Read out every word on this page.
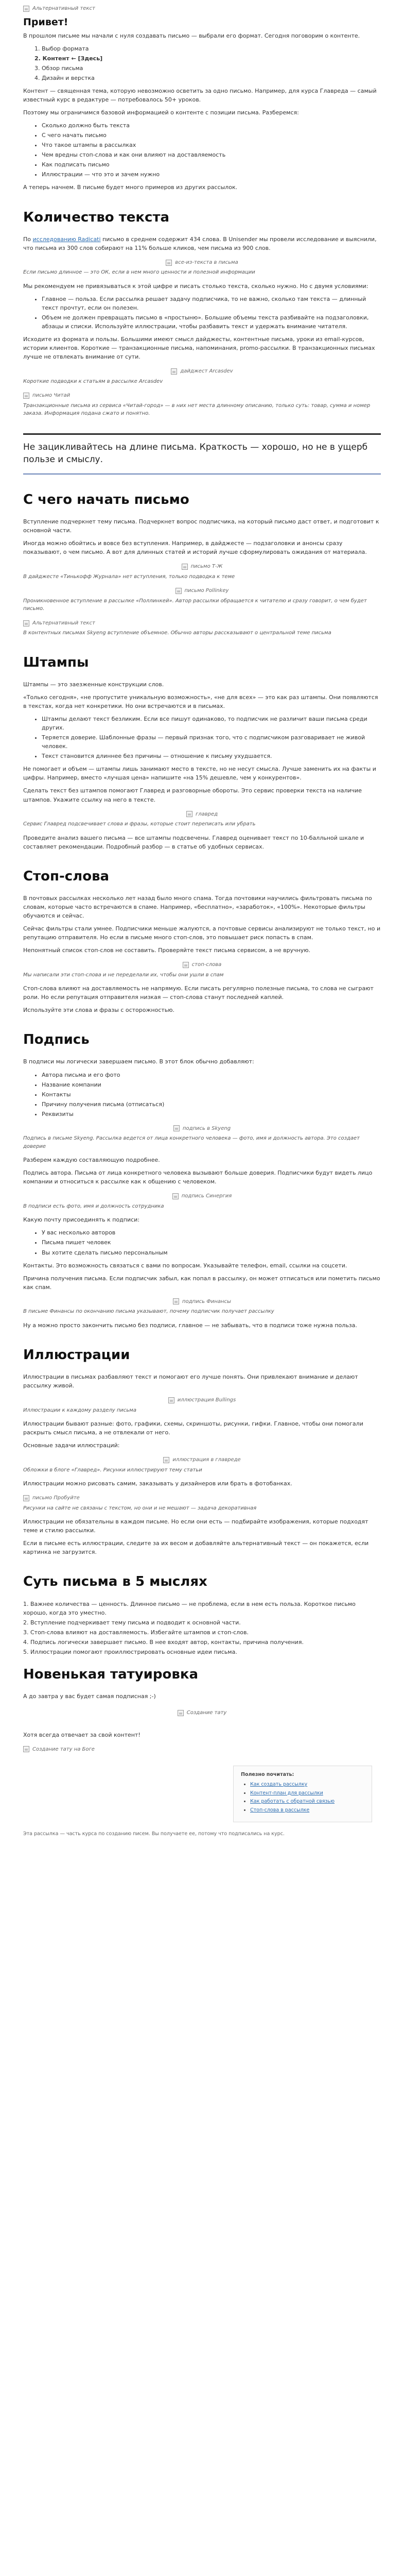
Альтернативный текст
Привет!

В прошлом письме мы начали с нуля создавать письмо — выбрали его формат. Сегодня поговорим о контенте.

1. Выбор формата
2. Контент ← [Здесь]
3. Обзор письма
4. Дизайн и верстка

Контент — священная тема, которую невозможно осветить за одно письмо. Например, для курса Главреда — самый известный курс в редактуре — потребовалось 50+ уроков.

Поэтому мы ограничимся базовой информацией о контенте с позиции письма. Разберемся:

• Сколько должно быть текста
• С чего начать письмо
• Что такое штампы в рассылках
• Чем вредны стоп-слова и как они влияют на доставляемость
• Как подписать письмо
• Иллюстрации — что это и зачем нужно

А теперь начнем. В письме будет много примеров из других рассылок.

Количество текста

По исследованию Radicati письмо в среднем содержит 434 слова. В Unisender мы провели исследование и выяснили, что письма из 300 слов собирают на 11% больше кликов, чем письма из 900 слов.

все-из-текста в письма
Если письмо длинное — это ОК, если в нем много ценности и полезной информации

Мы рекомендуем не привязываться к этой цифре и писать столько текста, сколько нужно. Но с двумя условиями:

• Главное — польза. Если рассылка решает задачу подписчика, то не важно, сколько там текста — длинный текст прочтут, если он полезен.
• Объем не должен превращать письмо в «простыню». Большие объемы текста разбивайте на подзаголовки, абзацы и списки. Используйте иллюстрации, чтобы разбавить текст и удержать внимание читателя.

Исходите из формата и пользы. Большими имеют смысл дайджесты, контентные письма, уроки из email-курсов, истории клиентов. Короткие — транзакционные письма, напоминания, promo-рассылки. В транзакционных письмах лучше не отвлекать внимание от сути.

дайджест Arcasdev
Короткие подводки к статьям в рассылке Arcasdev
письмо Читай
Транзакционные письма из сервиса «Читай-город» — в них нет места длинному описанию, только суть: товар, сумма и номер заказа. Информация подана сжато и понятно.
Не зацикливайтесь на длине письма. Краткость — хорошо, но не в ущерб пользе и смыслу.
С чего начать письмо

Вступление подчеркнет тему письма. Подчеркнет вопрос подписчика, на который письмо даст ответ, и подготовит к основной части.

Иногда можно обойтись и вовсе без вступления. Например, в дайджесте — подзаголовки и анонсы сразу показывают, о чем письмо. А вот для длинных статей и историй лучше сформулировать ожидания от материала.

письмо Т-Ж
В дайджесте «Тинькофф Журнала» нет вступления, только подводка к теме
письмо Pollinkey
Проникновенное вступление в рассылке «Поллинкей». Автор рассылки обращается к читателю и сразу говорит, о чем будет письмо.
Альтернативный текст
В контентных письмах Skyeng вступление объемное. Обычно авторы рассказывают о центральной теме письма
Штампы

Штампы — это заезженные конструкции слов.

«Только сегодня», «не пропустите уникальную возможность», «не для всех» — это как раз штампы. Они появляются в текстах, когда нет конкретики. Но они встречаются и в письмах.

• Штампы делают текст безликим. Если все пишут одинаково, то подписчик не различит ваши письма среди других.
• Теряется доверие. Шаблонные фразы — первый признак того, что с подписчиком разговаривает не живой человек.
• Текст становится длиннее без причины — отношение к письму ухудшается.

Не помогает и объем — штампы лишь занимают место в тексте, но не несут смысла. Лучше заменить их на факты и цифры. Например, вместо «лучшая цена» напишите «на 15% дешевле, чем у конкурентов».

Сделать текст без штампов помогают Главред и разговорные обороты. Это сервис проверки текста на наличие штампов. Укажите ссылку на него в тексте.

главред
Сервис Главред подсвечивает слова и фразы, которые стоит переписать или убрать

Проведите анализ вашего письма — все штампы подсвечены. Главред оценивает текст по 10-балльной шкале и составляет рекомендации. Подробный разбор — в статье об удобных сервисах.

Стоп-слова

В почтовых рассылках несколько лет назад было много спама. Тогда почтовики научились фильтровать письма по словам, которые часто встречаются в спаме. Например, «бесплатно», «заработок», «100%». Некоторые фильтры обучаются и сейчас.

Сейчас фильтры стали умнее. Подписчики меньше жалуются, а почтовые сервисы анализируют не только текст, но и репутацию отправителя. Но если в письме много стоп-слов, это повышает риск попасть в спам.

Непонятный список стоп-слов не составить. Проверяйте текст письма сервисом, а не вручную.

стоп-слова
Мы написали эти стоп-слова и не переделали их, чтобы они ушли в спам

Стоп-слова влияют на доставляемость не напрямую. Если писать регулярно полезные письма, то слова не сыграют роли. Но если репутация отправителя низкая — стоп-слова станут последней каплей.

Используйте эти слова и фразы с осторожностью.

Подпись

В подписи мы логически завершаем письмо. В этот блок обычно добавляют:

• Автора письма и его фото
• Название компании
• Контакты
• Причину получения письма (отписаться)
• Реквизиты
подпись в Skyeng
Подпись в письме Skyeng. Рассылка ведется от лица конкретного человека — фото, имя и должность автора. Это создает доверие

Разберем каждую составляющую подробнее.

Подпись автора. Письма от лица конкретного человека вызывают больше доверия. Подписчики будут видеть лицо компании и относиться к рассылке как к общению с человеком.

подпись Синергия
В подписи есть фото, имя и должность сотрудника

Какую почту присоединять к подписи:

• У вас несколько авторов
• Письма пишет человек
• Вы хотите сделать письмо персональным

Контакты. Это возможность связаться с вами по вопросам. Указывайте телефон, email, ссылки на соцсети.

Причина получения письма. Если подписчик забыл, как попал в рассылку, он может отписаться или пометить письмо как спам.

подпись Финансы
В письме Финансы по окончанию письма указывают, почему подписчик получает рассылку

Ну а можно просто закончить письмо без подписи, главное — не забывать, что в подписи тоже нужна польза.

Иллюстрации

Иллюстрации в письмах разбавляют текст и помогают его лучше понять. Они привлекают внимание и делают рассылку живой.

иллюстрация Bullings
Иллюстрации к каждому разделу письма

Иллюстрации бывают разные: фото, графики, схемы, скриншоты, рисунки, гифки. Главное, чтобы они помогали раскрыть смысл письма, а не отвлекали от него.

Основные задачи иллюстраций:

иллюстрация в главреде
Обложки в блоге «Главред». Рисунки иллюстрируют тему статьи

Иллюстрации можно рисовать самим, заказывать у дизайнеров или брать в фотобанках.

письмо Пробуйте
Рисунки на сайте не связаны с текстом, но они и не мешают — задача декоративная

Иллюстрации не обязательны в каждом письме. Но если они есть — подбирайте изображения, которые подходят теме и стилю рассылки.

Если в письме есть иллюстрации, следите за их весом и добавляйте альтернативный текст — он покажется, если картинка не загрузится.

Суть письма в 5 мыслях
1. Важнее количества — ценность. Длинное письмо — не проблема, если в нем есть польза. Короткое письмо хорошо, когда это уместно.
2. Вступление подчеркивает тему письма и подводит к основной части.
3. Стоп-слова влияют на доставляемость. Избегайте штампов и стоп-слов.
4. Подпись логически завершает письмо. В нее входят автор, контакты, причина получения.
5. Иллюстрации помогают проиллюстрировать основные идеи письма.
Новенькая татуировка

А до завтра у вас будет самая подписная ;-)

Создание тату

Хотя всегда отвечает за свой контент!

Создание тату на Боге
Полезно почитать:
• Как создать рассылку
• Контент-план для рассылки
• Как работать с обратной связью
• Стоп-слова в рассылке
Эта рассылка — часть курса по созданию писем. Вы получаете ее, потому что подписались на курс.
